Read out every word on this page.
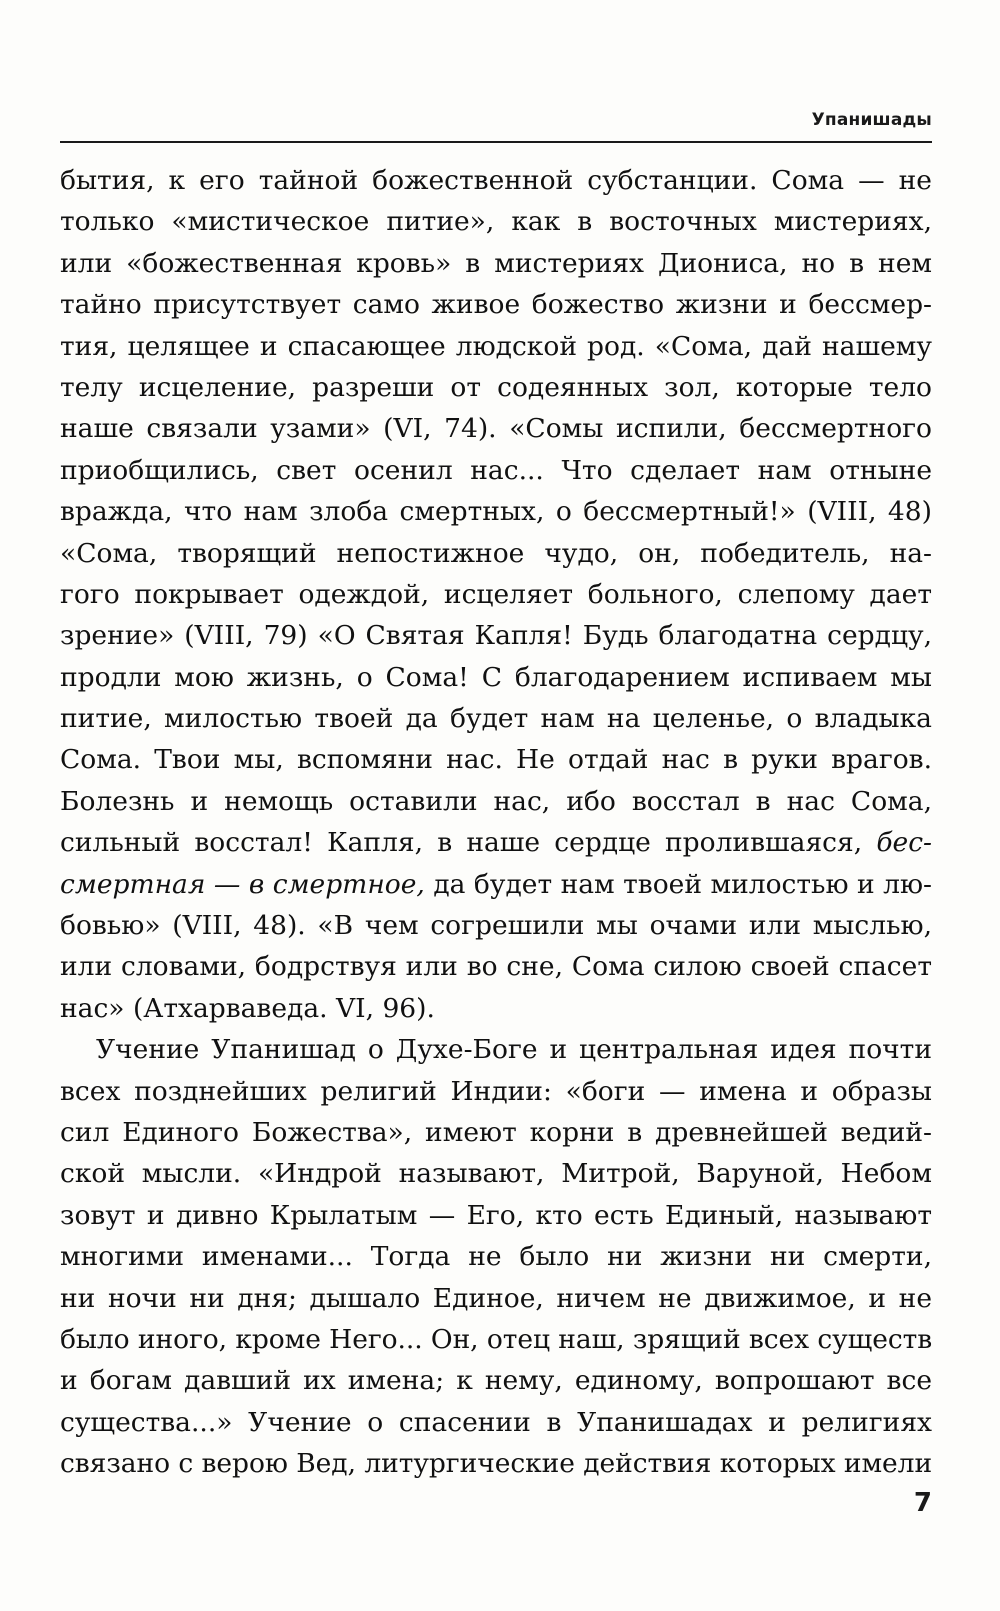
Упанишады
бытия, к его тайной божественной субстанции. Сома — не
только «мистическое питие», как в восточных мистериях,
или «божественная кровь» в мистериях Диониса, но в нем
тайно присутствует само живое божество жизни и бессмер-
тия, целящее и спасающее людской род. «Сома, дай нашему
телу исцеление, разреши от содеянных зол, которые тело
наше связали узами» (VI, 74). «Сомы испили, бессмертного
приобщились, свет осенил нас... Что сделает нам отныне
вражда, что нам злоба смертных, о бессмертный!» (VIII, 48)
«Сома, творящий непостижное чудо, он, победитель, на-
гого покрывает одеждой, исцеляет больного, слепому дает
зрение» (VIII, 79) «О Святая Капля! Будь благодатна сердцу,
продли мою жизнь, о Сома! С благодарением испиваем мы
питие, милостью твоей да будет нам на целенье, о владыка
Сома. Твои мы, вспомяни нас. Не отдай нас в руки врагов.
Болезнь и немощь оставили нас, ибо восстал в нас Сома,
сильный восстал! Капля, в наше сердце пролившаяся, бес-
смертная — в смертное, да будет нам твоей милостью и лю-
бовью» (VIII, 48). «В чем согрешили мы очами или мыслью,
или словами, бодрствуя или во сне, Сома силою своей спасет
нас» (Атхарваведа. VI, 96).
Учение Упанишад о Духе-Боге и центральная идея почти
всех позднейших религий Индии: «боги — имена и образы
сил Единого Божества», имеют корни в древнейшей ведий-
ской мысли. «Индрой называют, Митрой, Варуной, Небом
зовут и дивно Крылатым — Его, кто есть Единый, называют
многими именами... Тогда не было ни жизни ни смерти,
ни ночи ни дня; дышало Единое, ничем не движимое, и не
было иного, кроме Него... Он, отец наш, зрящий всех существ
и богам давший их имена; к нему, единому, вопрошают все
существа...» Учение о спасении в Упанишадах и религиях
связано с верою Вед, литургические действия которых имели
7
